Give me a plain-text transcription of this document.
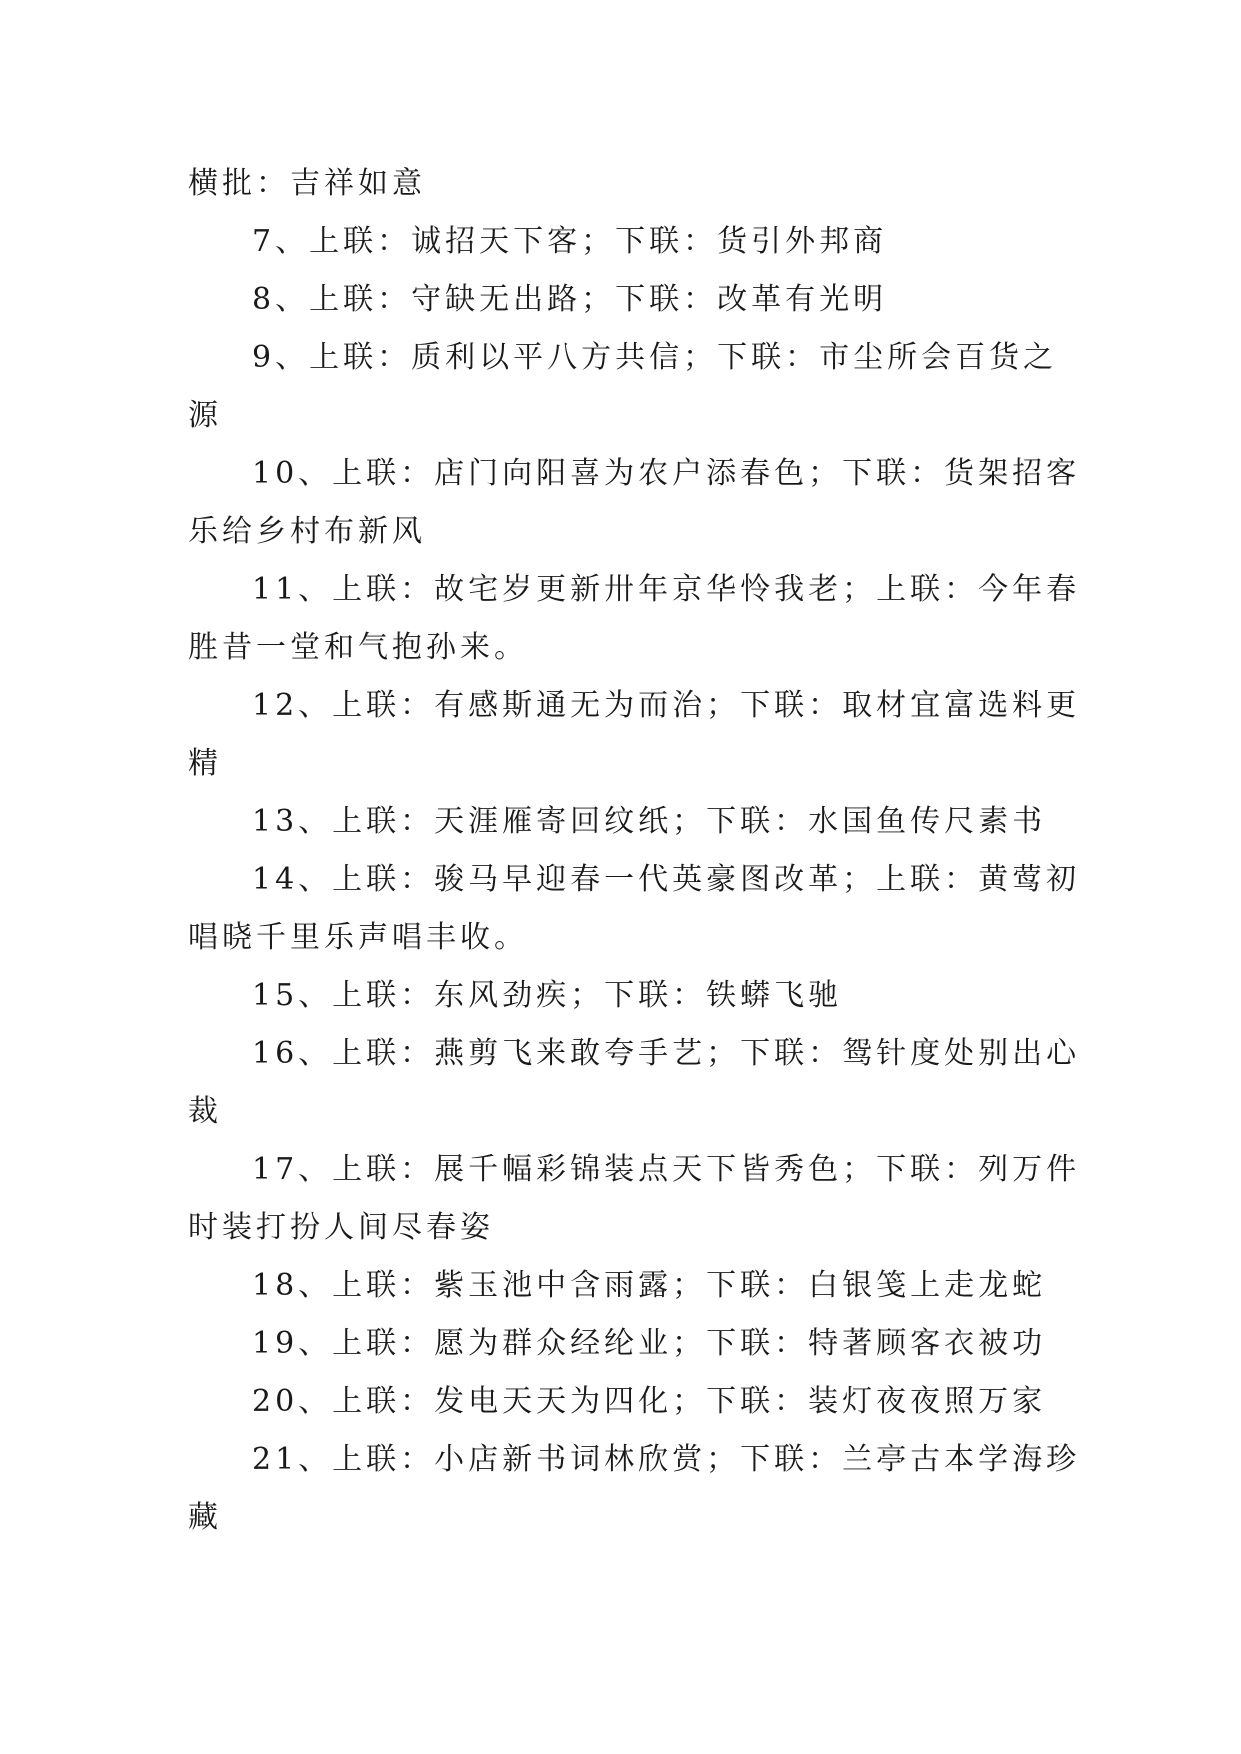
横批：吉祥如意
7、上联：诚招天下客；下联：货引外邦商
8、上联：守缺无出路；下联：改革有光明
9、上联：质利以平八方共信；下联：市尘所会百货之
源
10、上联：店门向阳喜为农户添春色；下联：货架招客
乐给乡村布新风
11、上联：故宅岁更新卅年京华怜我老；上联：今年春
胜昔一堂和气抱孙来。
12、上联：有感斯通无为而治；下联：取材宜富选料更
精
13、上联：天涯雁寄回纹纸；下联：水国鱼传尺素书
14、上联：骏马早迎春一代英豪图改革；上联：黄莺初
唱晓千里乐声唱丰收。
15、上联：东风劲疾；下联：铁蟒飞驰
16、上联：燕剪飞来敢夸手艺；下联：鸳针度处别出心
裁
17、上联：展千幅彩锦装点天下皆秀色；下联：列万件
时装打扮人间尽春姿
18、上联：紫玉池中含雨露；下联：白银笺上走龙蛇
19、上联：愿为群众经纶业；下联：特著顾客衣被功
20、上联：发电天天为四化；下联：装灯夜夜照万家
21、上联：小店新书词林欣赏；下联：兰亭古本学海珍
藏
